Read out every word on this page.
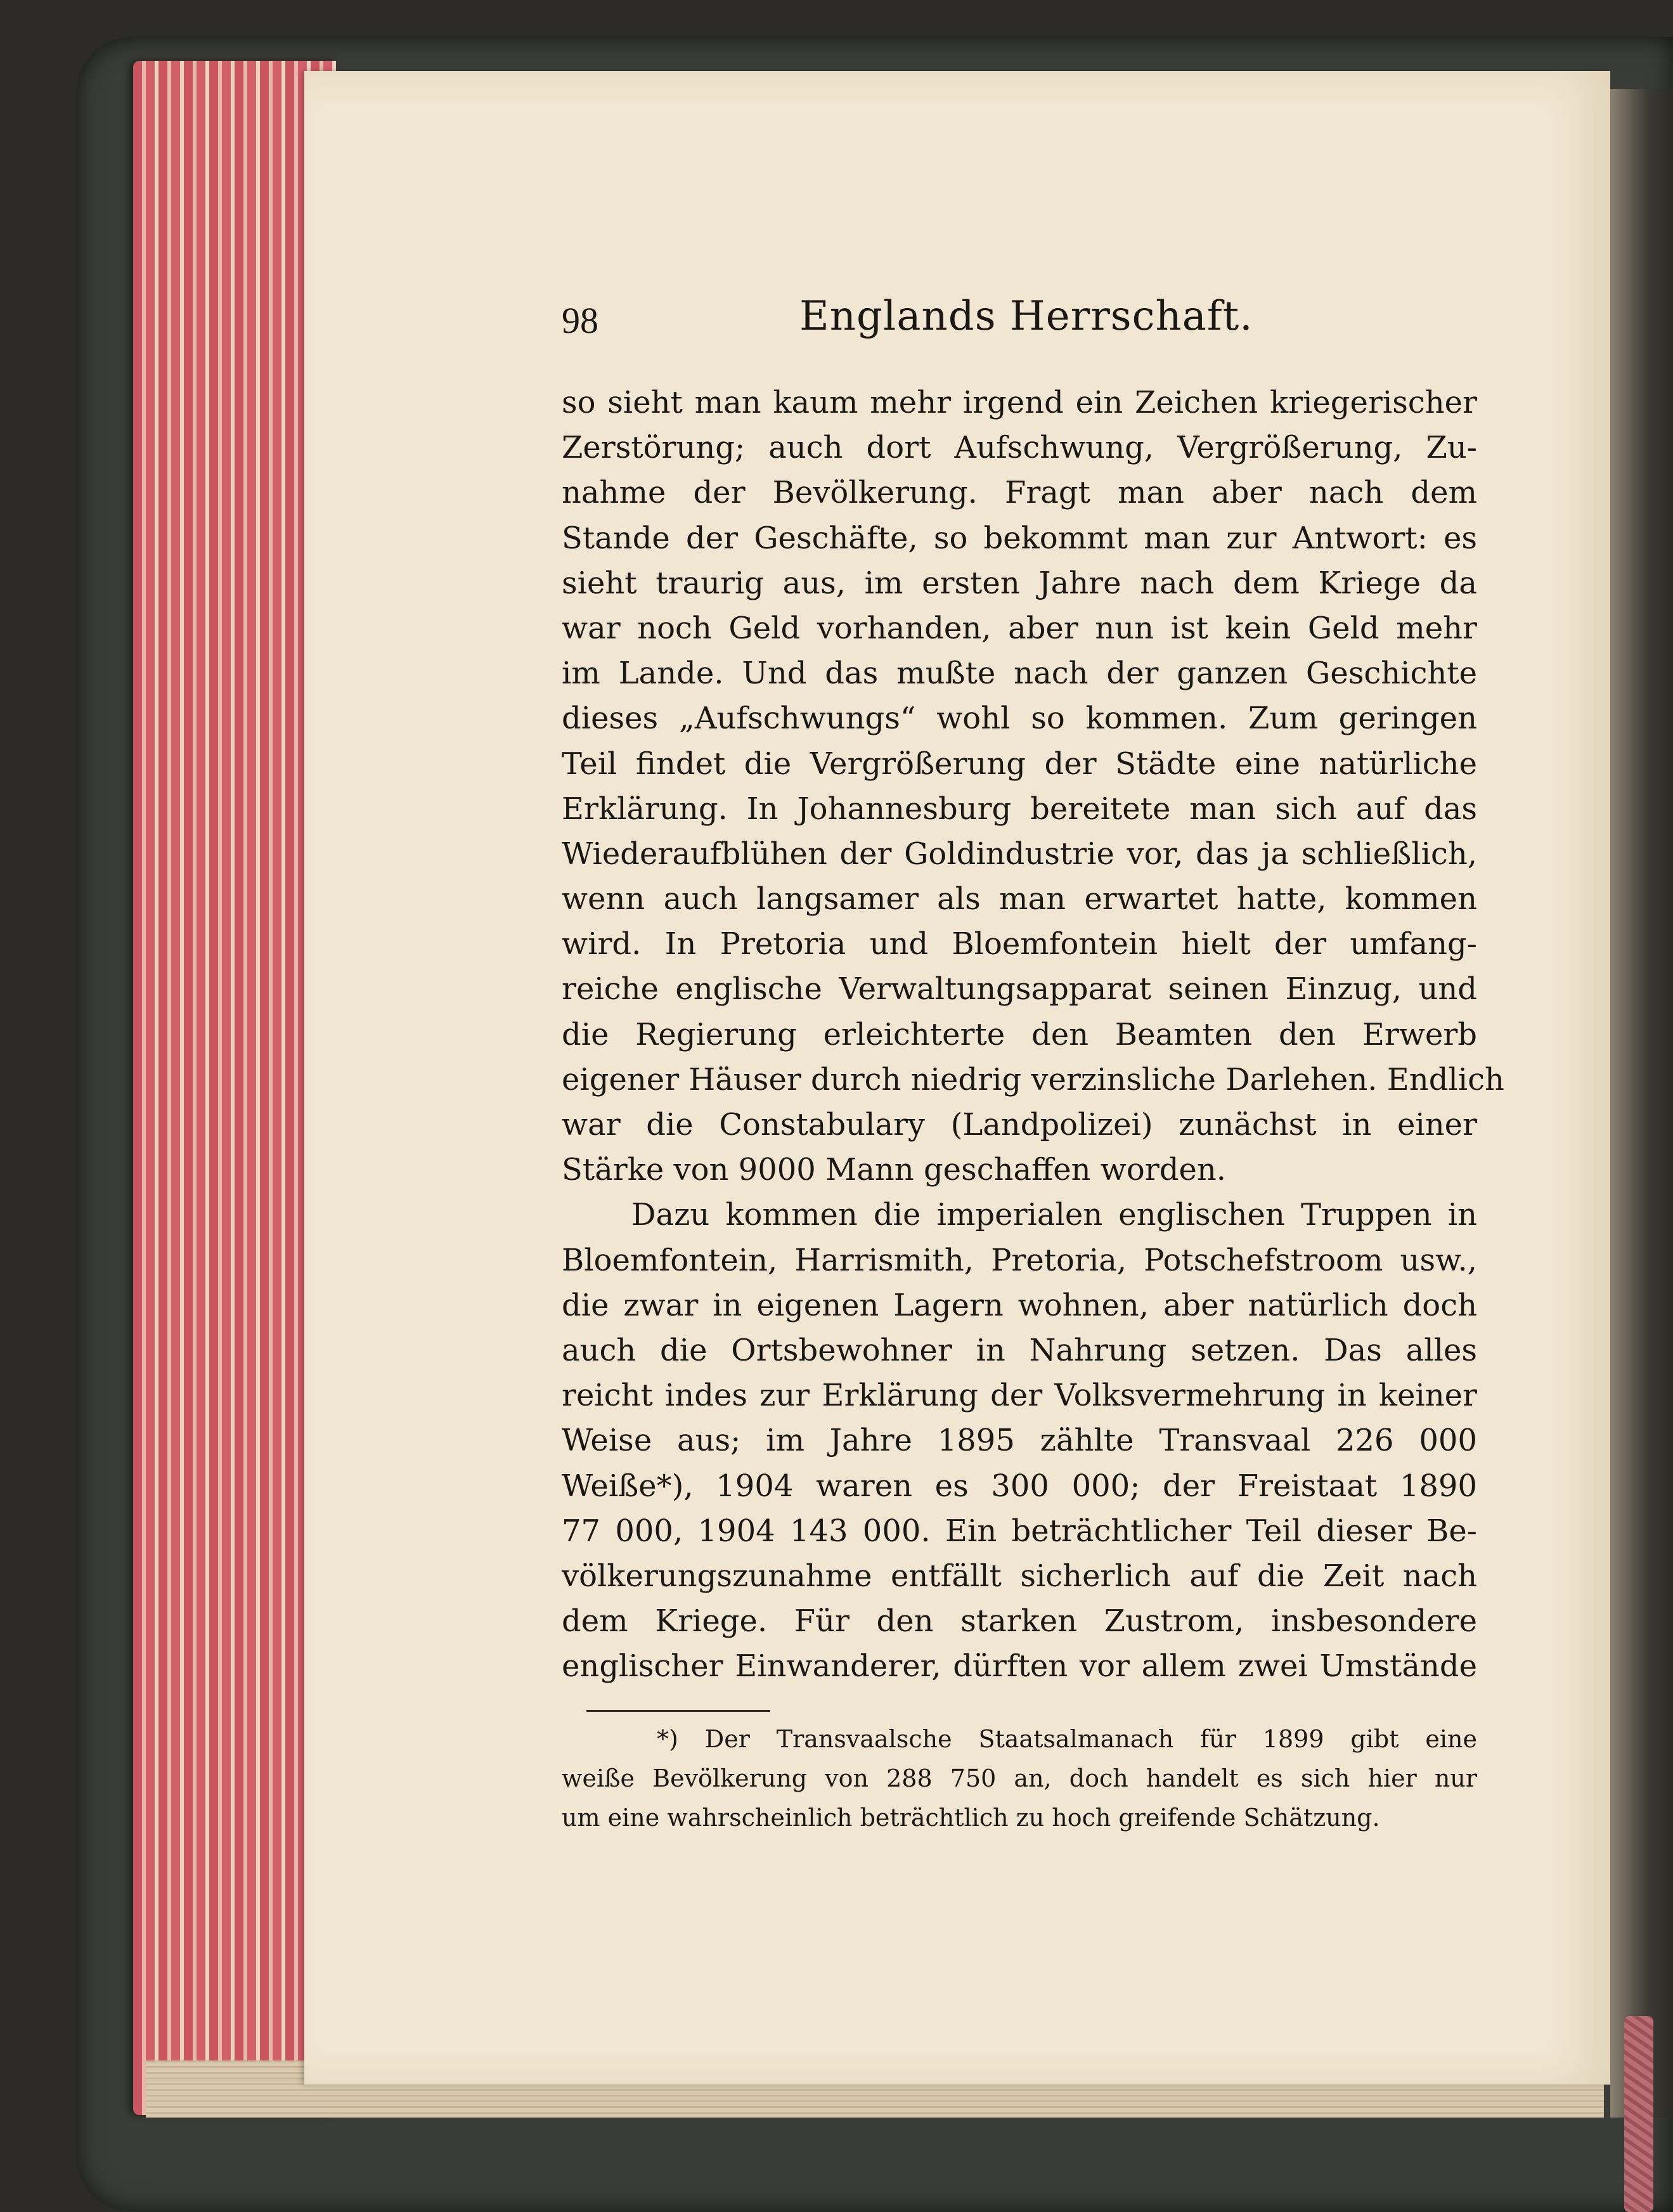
98	Englands Herrschaft.
so sieht man kaum mehr irgend ein Zeichen kriegerischer
Zerstörung; auch dort Aufschwung, Vergrößerung, Zu-
nahme der Bevölkerung. Fragt man aber nach dem
Stande der Geschäfte, so bekommt man zur Antwort: es
sieht traurig aus, im ersten Jahre nach dem Kriege da
war noch Geld vorhanden, aber nun ist kein Geld mehr
im Lande. Und das mußte nach der ganzen Geschichte
dieses „Aufschwungs“ wohl so kommen. Zum geringen
Teil findet die Vergrößerung der Städte eine natürliche
Erklärung. In Johannesburg bereitete man sich auf das
Wiederaufblühen der Goldindustrie vor, das ja schließlich,
wenn auch langsamer als man erwartet hatte, kommen
wird. In Pretoria und Bloemfontein hielt der umfang-
reiche englische Verwaltungsapparat seinen Einzug, und
die Regierung erleichterte den Beamten den Erwerb
eigener Häuser durch niedrig verzinsliche Darlehen. Endlich
war die Constabulary (Landpolizei) zunächst in einer
Stärke von 9000 Mann geschaffen worden.
Dazu kommen die imperialen englischen Truppen in
Bloemfontein, Harrismith, Pretoria, Potschefstroom usw.,
die zwar in eigenen Lagern wohnen, aber natürlich doch
auch die Ortsbewohner in Nahrung setzen. Das alles
reicht indes zur Erklärung der Volksvermehrung in keiner
Weise aus; im Jahre 1895 zählte Transvaal 226 000
Weiße*), 1904 waren es 300 000; der Freistaat 1890
77 000, 1904 143 000. Ein beträchtlicher Teil dieser Be-
völkerungszunahme entfällt sicherlich auf die Zeit nach
dem Kriege. Für den starken Zustrom, insbesondere
englischer Einwanderer, dürften vor allem zwei Umstände
*) Der Transvaalsche Staatsalmanach für 1899 gibt eine
weiße Bevölkerung von 288 750 an, doch handelt es sich hier nur
um eine wahrscheinlich beträchtlich zu hoch greifende Schätzung.
